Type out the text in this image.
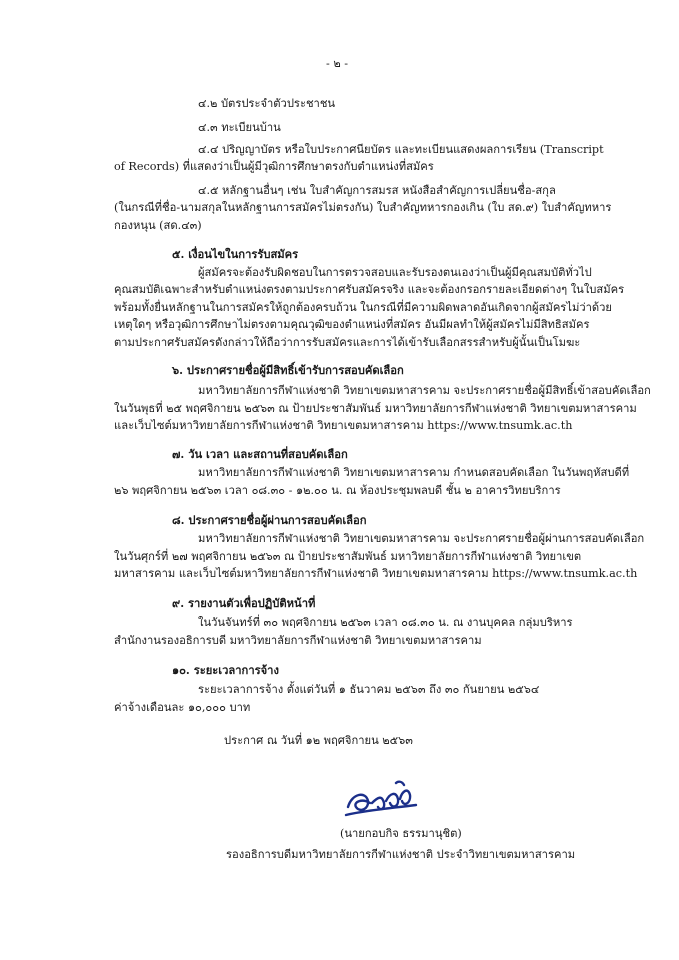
- ๒ -
๔.๒ บัตรประจำตัวประชาชน
๔.๓ ทะเบียนบ้าน
๔.๔ ปริญญาบัตร หรือใบประกาศนียบัตร และทะเบียนแสดงผลการเรียน (Transcript
of Records) ที่แสดงว่าเป็นผู้มีวุฒิการศึกษาตรงกับตำแหน่งที่สมัคร
๔.๕ หลักฐานอื่นๆ เช่น ใบสำคัญการสมรส หนังสือสำคัญการเปลี่ยนชื่อ-สกุล
(ในกรณีที่ชื่อ-นามสกุลในหลักฐานการสมัครไม่ตรงกัน) ใบสำคัญทหารกองเกิน (ใบ สด.๙) ใบสำคัญทหาร
กองหนุน (สด.๔๓)
๕. เงื่อนไขในการรับสมัคร
ผู้สมัครจะต้องรับผิดชอบในการตรวจสอบและรับรองตนเองว่าเป็นผู้มีคุณสมบัติทั่วไป
คุณสมบัติเฉพาะสำหรับตำแหน่งตรงตามประกาศรับสมัครจริง และจะต้องกรอกรายละเอียดต่างๆ ในใบสมัคร
พร้อมทั้งยื่นหลักฐานในการสมัครให้ถูกต้องครบถ้วน ในกรณีที่มีความผิดพลาดอันเกิดจากผู้สมัครไม่ว่าด้วย
เหตุใดๆ หรือวุฒิการศึกษาไม่ตรงตามคุณวุฒิของตำแหน่งที่สมัคร อันมีผลทำให้ผู้สมัครไม่มีสิทธิสมัคร
ตามประกาศรับสมัครดังกล่าวให้ถือว่าการรับสมัครและการได้เข้ารับเลือกสรรสำหรับผู้นั้นเป็นโมฆะ
๖. ประกาศรายชื่อผู้มีสิทธิ์เข้ารับการสอบคัดเลือก
มหาวิทยาลัยการกีฬาแห่งชาติ วิทยาเขตมหาสารคาม จะประกาศรายชื่อผู้มีสิทธิ์เข้าสอบคัดเลือก
ในวันพุธที่ ๒๕ พฤศจิกายน ๒๕๖๓ ณ ป้ายประชาสัมพันธ์ มหาวิทยาลัยการกีฬาแห่งชาติ วิทยาเขตมหาสารคาม
และเว็บไซต์มหาวิทยาลัยการกีฬาแห่งชาติ วิทยาเขตมหาสารคาม https://www.tnsumk.ac.th
๗. วัน เวลา และสถานที่สอบคัดเลือก
มหาวิทยาลัยการกีฬาแห่งชาติ วิทยาเขตมหาสารคาม กำหนดสอบคัดเลือก ในวันพฤหัสบดีที่
๒๖ พฤศจิกายน ๒๕๖๓ เวลา ๐๘.๓๐ - ๑๒.๐๐ น. ณ ห้องประชุมพลบดี ชั้น ๒ อาคารวิทยบริการ
๘. ประกาศรายชื่อผู้ผ่านการสอบคัดเลือก
มหาวิทยาลัยการกีฬาแห่งชาติ วิทยาเขตมหาสารคาม จะประกาศรายชื่อผู้ผ่านการสอบคัดเลือก
ในวันศุกร์ที่ ๒๗ พฤศจิกายน ๒๕๖๓ ณ ป้ายประชาสัมพันธ์ มหาวิทยาลัยการกีฬาแห่งชาติ วิทยาเขต
มหาสารคาม และเว็บไซต์มหาวิทยาลัยการกีฬาแห่งชาติ วิทยาเขตมหาสารคาม https://www.tnsumk.ac.th
๙. รายงานตัวเพื่อปฏิบัติหน้าที่
ในวันจันทร์ที่ ๓๐ พฤศจิกายน ๒๕๖๓ เวลา ๐๘.๓๐ น. ณ งานบุคคล กลุ่มบริหาร
สำนักงานรองอธิการบดี มหาวิทยาลัยการกีฬาแห่งชาติ วิทยาเขตมหาสารคาม
๑๐. ระยะเวลาการจ้าง
ระยะเวลาการจ้าง ตั้งแต่วันที่ ๑ ธันวาคม ๒๕๖๓ ถึง ๓๐ กันยายน ๒๕๖๔
ค่าจ้างเดือนละ ๑๐,๐๐๐ บาท
ประกาศ ณ วันที่ ๑๒ พฤศจิกายน ๒๕๖๓
(นายกอบกิจ ธรรมานุชิต)
รองอธิการบดีมหาวิทยาลัยการกีฬาแห่งชาติ ประจำวิทยาเขตมหาสารคาม
